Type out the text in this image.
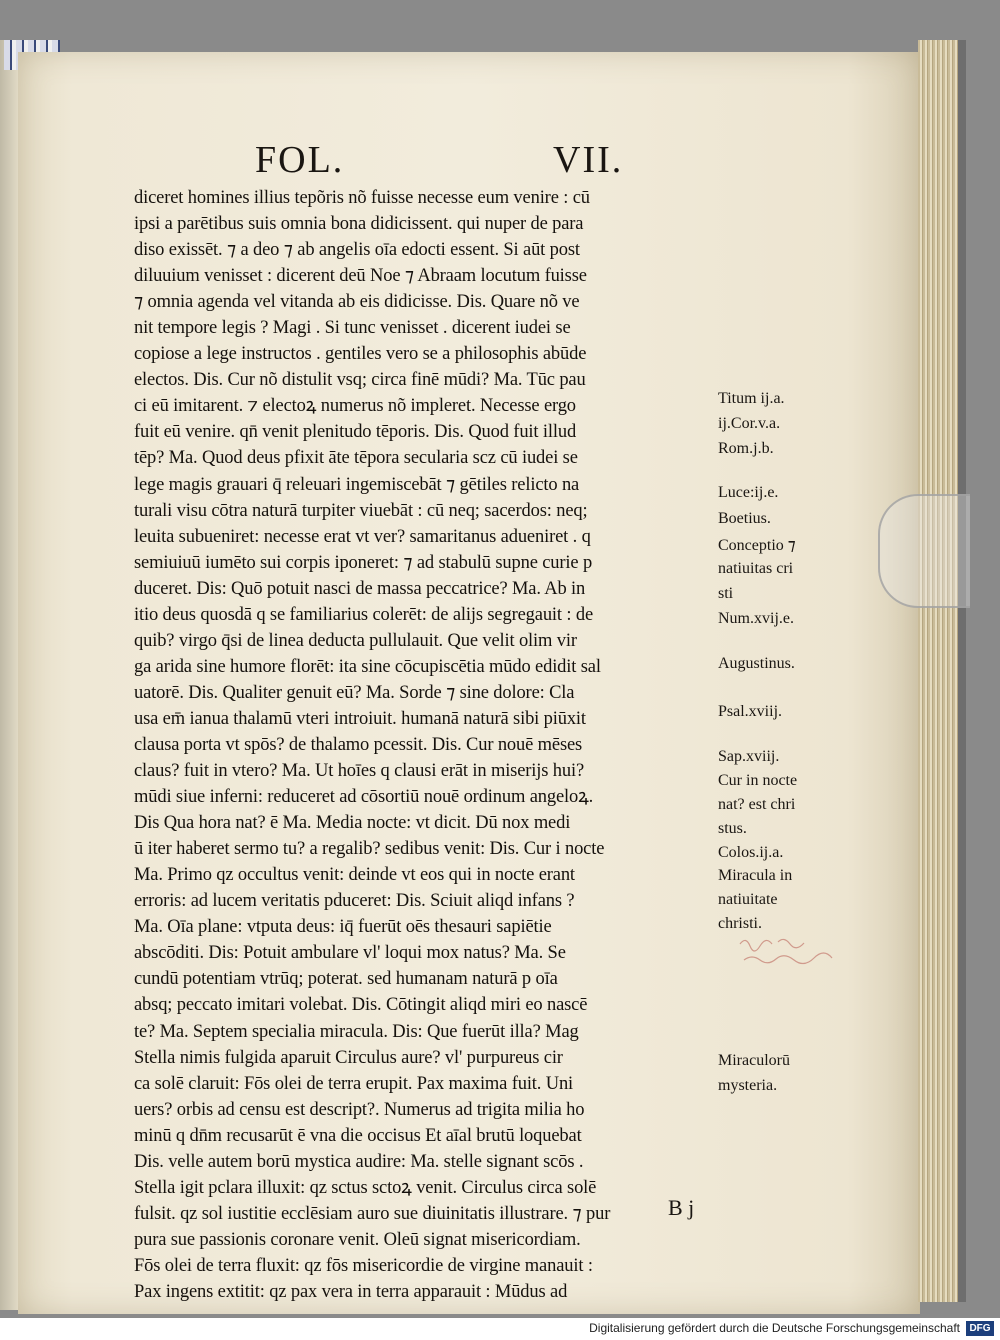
FOL.	VII.
diceret homines illius tepõris nõ fuisse necesse eum venire : cū
ipsi a parētibus suis omnia bona didicissent. qui nuper de para
diso exissēt. ⁊ a deo ⁊ ab angelis oīa edocti essent. Si aūt post
diluuium venisset : dicerent deū Noe ⁊ Abraam locutum fuisse
⁊ omnia agenda vel vitanda ab eis didicisse. Dis. Quare nõ ve
nit tempore legis ? Magi . Si tunc venisset . dicerent iudei se
copiose a lege instructos . gentiles vero se a philosophis abūde
electos. Dis. Cur nõ distulit vsq; circa finē mūdi? Ma. Tūc pau
ci eū imitarent. ⁊ electoꝝ numerus nõ impleret. Necesse ergo
fuit eū venire. qn̄ venit plenitudo tēporis. Dis. Quod fuit illud
tēp? Ma. Quod deus pfixit āte tēpora secularia scz cū iudei se
lege magis grauari q̄ releuari ingemiscebāt ⁊ gētiles relicto na
turali visu cōtra naturā turpiter viuebāt : cū neq; sacerdos: neq;
leuita subueniret: necesse erat vt ver? samaritanus adueniret . q
semiuiuū iumēto sui corpis iponeret: ⁊ ad stabulū supne curie p
duceret. Dis: Quō potuit nasci de massa peccatrice? Ma. Ab in
itio deus quosdā q se familiarius colerēt: de alijs segregauit : de
quib? virgo q̄si de linea deducta pullulauit. Que velit olim vir
ga arida sine humore florēt: ita sine cōcupiscētia mūdo edidit sal
uatorē. Dis. Qualiter genuit eū? Ma. Sorde ⁊ sine dolore: Cla
usa em̄ ianua thalamū vteri introiuit. humanā naturā sibi piūxit
clausa porta vt spōs? de thalamo pcessit. Dis. Cur nouē mēses
claus? fuit in vtero? Ma. Ut hoīes q clausi erāt in miserijs hui?
mūdi siue inferni: reduceret ad cōsortiū nouē ordinum angeloꝝ.
Dis Qua hora nat? ē Ma. Media nocte: vt dicit. Dū nox medi
ū iter haberet sermo tu? a regalib? sedibus venit: Dis. Cur i nocte
Ma. Primo qz occultus venit: deinde vt eos qui in nocte erant
erroris: ad lucem veritatis pduceret: Dis. Sciuit aliqd infans ?
Ma. Oīa plane: vtputa deus: iq̄ fuerūt oēs thesauri sapiētie
abscōditi. Dis: Potuit ambulare vl' loqui mox natus? Ma. Se
cundū potentiam vtrūq; poterat. sed humanam naturā p oīa
absq; peccato imitari volebat. Dis. Cōtingit aliqd miri eo nascē
te? Ma. Septem specialia miracula. Dis: Que fuerūt illa? Mag
Stella nimis fulgida aparuit Circulus aure? vl' purpureus cir
ca solē claruit: Fōs olei de terra erupit. Pax maxima fuit. Uni
uers? orbis ad censu est descript?. Numerus ad trigita milia ho
minū q dn̄m recusarūt ē vna die occisus Et aīal brutū loquebat
Dis. velle autem borū mystica audire: Ma. stelle signant scōs .
Stella igit pclara illuxit: qz sctus sctoꝝ venit. Circulus circa solē
fulsit. qz sol iustitie ecclēsiam auro sue diuinitatis illustrare. ⁊ pur
pura sue passionis coronare venit. Oleū signat misericordiam.
Fōs olei de terra fluxit: qz fōs misericordie de virgine manauit :
Pax ingens extitit: qz pax vera in terra apparauit : Mūdus ad
Titum ij.a.
ij.Cor.v.a.
Rom.j.b.
Luce:ij.e.
Boetius.
Conceptio ⁊
natiuitas cri
sti
Num.xvij.e.
Augustinus.
Psal.xviij.
Sap.xviij.
Cur in nocte
nat? est chri
stus.
Colos.ij.a.
Miracula in
natiuitate
christi.
Miraculorū
mysteria.
B j
Digitalisierung gefördert durch die Deutsche Forschungsgemeinschaft DFG
